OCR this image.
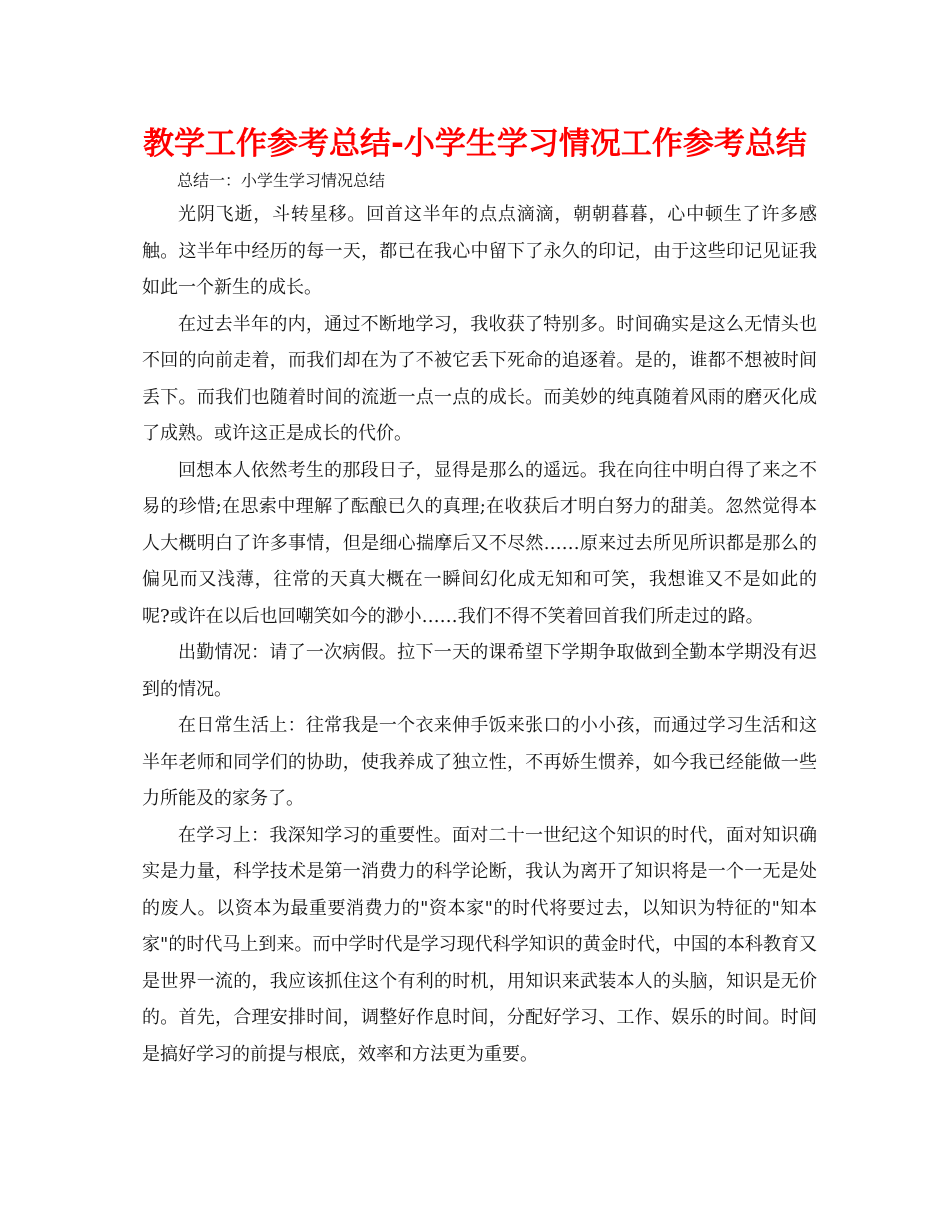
教学工作参考总结-小学生学习情况工作参考总结

总结一：小学生学习情况总结

光阴飞逝，斗转星移。回首这半年的点点滴滴，朝朝暮暮，心中顿生了许多感触。这半年中经历的每一天，都已在我心中留下了永久的印记，由于这些印记见证我如此一个新生的成长。

在过去半年的内，通过不断地学习，我收获了特别多。时间确实是这么无情头也不回的向前走着，而我们却在为了不被它丢下死命的追逐着。是的，谁都不想被时间丢下。而我们也随着时间的流逝一点一点的成长。而美妙的纯真随着风雨的磨灭化成了成熟。或许这正是成长的代价。

回想本人依然考生的那段日子，显得是那么的遥远。我在向往中明白得了来之不易的珍惜;在思索中理解了酝酿已久的真理;在收获后才明白努力的甜美。忽然觉得本人大概明白了许多事情，但是细心揣摩后又不尽然……原来过去所见所识都是那么的偏见而又浅薄，往常的天真大概在一瞬间幻化成无知和可笑，我想谁又不是如此的呢?或许在以后也回嘲笑如今的渺小……我们不得不笑着回首我们所走过的路。

出勤情况：请了一次病假。拉下一天的课希望下学期争取做到全勤本学期没有迟到的情况。

在日常生活上：往常我是一个衣来伸手饭来张口的小小孩，而通过学习生活和这半年老师和同学们的协助，使我养成了独立性，不再娇生惯养，如今我已经能做一些力所能及的家务了。

在学习上：我深知学习的重要性。面对二十一世纪这个知识的时代，面对知识确实是力量，科学技术是第一消费力的科学论断，我认为离开了知识将是一个一无是处的废人。以资本为最重要消费力的"资本家"的时代将要过去，以知识为特征的"知本家"的时代马上到来。而中学时代是学习现代科学知识的黄金时代，中国的本科教育又是世界一流的，我应该抓住这个有利的时机，用知识来武装本人的头脑，知识是无价的。首先，合理安排时间，调整好作息时间，分配好学习、工作、娱乐的时间。时间是搞好学习的前提与根底，效率和方法更为重要。
